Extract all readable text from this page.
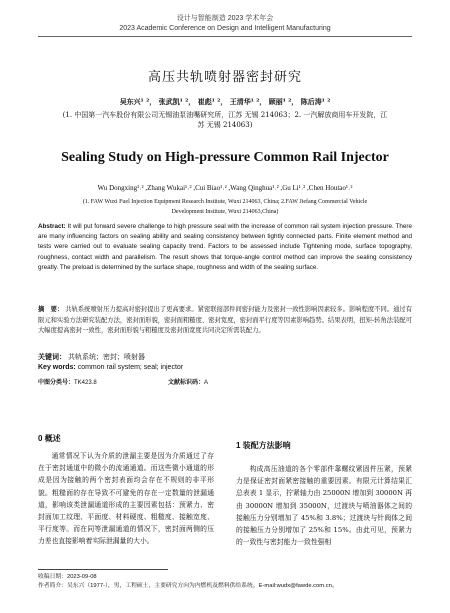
设计与智能制造 2023 学术年会
2023 Academic Conference on Design and Intelligent Manufacturing
高压共轨喷射器密封研究
吴东兴¹ ²， 张武凯¹ ²， 崔彪¹ ²， 王清华¹ ²， 顾丽¹ ²， 陈后涛¹ ²
(1. 中国第一汽车股份有限公司无锡油泵油嘴研究所，江苏 无锡 214063；2. 一汽解放商用车开发院，江苏 无锡 214063)
Sealing Study on High-pressure Common Rail Injector
Wu Dongxing¹˒² ,Zhang Wukai¹˒² ,Cui Biao¹˒² ,Wang Qinghua¹˒² ,Gu Li¹˒² ,Chen Houtao¹˒²
(1. FAW Wuxi Fuel Injection Equipment Research Institute, Wuxi 214063, China; 2.FAW Jiefang Commercial Vehicle Development Institute, Wuxi 214063,China)
Abstract: It will put forward severe challenge to high pressure seal with the increase of common rail system injection pressure. There are many influencing factors on sealing ability and sealing consistency between tightly connected parts. Finite element method and tests were carried out to evaluate sealing capacity trend. Factors to be assessed include Tightening mode, surface topography, roughness, contact width and parallelism. The result shows that torque-angle control method can improve the sealing consistency greatly. The preload is determined by the surface shape, roughness and width of the sealing surface.
摘　要： 共轨系统喷射压力提高对密封提出了更高要求。紧密联接部件间密封能力及密封一致性影响因素较多。影响程度不同。通过有限元和实验方法研究装配方法，密封面形貌，密封面粗糙度、密封宽度，密封面平行度等因素影响趋势。结果表明，扭矩-转角法装配可大幅度提高密封一致性，密封面形貌与粗糙度及密封面宽度共同决定所需装配力。
关键词： 共轨系统；密封；喷射器
Key words: common rail system; seal; injector
中图分类号：TK423.8	文献标识码：A
0 概述
通常情况下认为介质的泄漏主要是因为介质通过了存在于密封通道中的微小的流通通道。而这些微小通道的形成是因为接触的两个密封表面均会存在不规则的非平形貌。粗糙面的存在导致不可避免的存在一定数量的泄漏通道，影响该类泄漏通道形成的主要因素包括：预紧力、密封面加工纹理、平面度、材料硬度、粗糙度、接触宽度、平行度等。而在同等泄漏通道的情况下，密封面两侧的压力差也直接影响着实际泄漏量的大小。
1 装配方法影响
构成高压油道的各个零部件靠螺纹紧固件压紧，预紧力是保证密封面紧密接触的重要因素。有限元计算结果汇总表表 1 显示，拧紧轴力由 25000N 增加到 30000N 再由 30000N 增加到 35000N，过渡块与喷油器体之间的接触压力分别增加了 45%和 3.8%；过渡块与针阀体之间的接触压力分别增加了 25%和 15%。由此可见，预紧力的一致性与密封能力一致性强相
收稿日期：2023-09-08
作者简介：吴东兴（1977-），男，工程硕士，主要研究方向为内燃机及燃料供给系统。E-mail:wudx@fawde.com.cn。
